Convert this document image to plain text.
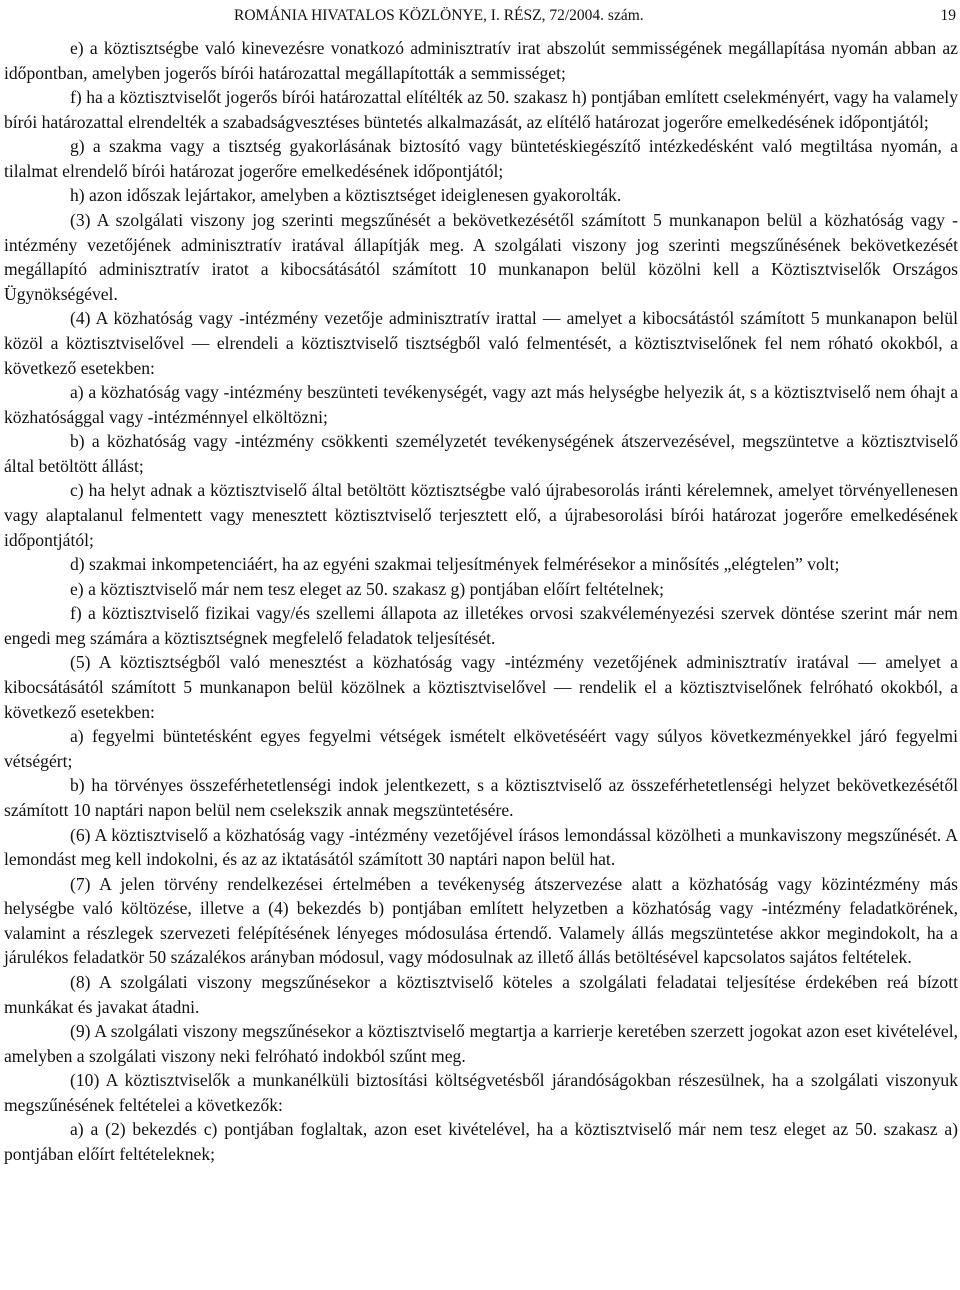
ROMÁNIA HIVATALOS KÖZLÖNYE, I. RÉSZ, 72/2004. szám.	19

e) a köztisztségbe való kinevezésre vonatkozó adminisztratív irat abszolút semmisségének megállapítása nyomán abban az időpontban, amelyben jogerős bírói határozattal megállapították a semmisséget;

f) ha a köztisztviselőt jogerős bírói határozattal elítélték az 50. szakasz h) pontjában említett cselekményért, vagy ha valamely bírói határozattal elrendelték a szabadságvesztéses büntetés alkalmazását, az elítélő határozat jogerőre emelkedésének időpontjától;

g) a szakma vagy a tisztség gyakorlásának biztosító vagy büntetéskiegészítő intézkedésként való megtiltása nyomán, a tilalmat elrendelő bírói határozat jogerőre emelkedésének időpontjától;

h) azon időszak lejártakor, amelyben a köztisztséget ideiglenesen gyakorolták.

(3) A szolgálati viszony jog szerinti megszűnését a bekövetkezésétől számított 5 munkanapon belül a közhatóság vagy -intézmény vezetőjének adminisztratív iratával állapítják meg. A szolgálati viszony jog szerinti megszűnésének bekövetkezését megállapító adminisztratív iratot a kibocsátásától számított 10 munkanapon belül közölni kell a Köztisztviselők Országos Ügynökségével.

(4) A közhatóság vagy -intézmény vezetője adminisztratív irattal — amelyet a kibocsátástól számított 5 munkanapon belül közöl a köztisztviselővel — elrendeli a köztisztviselő tisztségből való felmentését, a köztisztviselőnek fel nem róható okokból, a következő esetekben:

a) a közhatóság vagy -intézmény beszünteti tevékenységét, vagy azt más helységbe helyezik át, s a köztisztviselő nem óhajt a közhatósággal vagy -intézménnyel elköltözni;

b) a közhatóság vagy -intézmény csökkenti személyzetét tevékenységének átszervezésével, megszüntetve a köztisztviselő által betöltött állást;

c) ha helyt adnak a köztisztviselő által betöltött köztisztségbe való újrabesorolás iránti kérelemnek, amelyet törvényellenesen vagy alaptalanul felmentett vagy menesztett köztisztviselő terjesztett elő, a újrabesorolási bírói határozat jogerőre emelkedésének időpontjától;

d) szakmai inkompetenciáért, ha az egyéni szakmai teljesítmények felmérésekor a minősítés „elégtelen” volt;

e) a köztisztviselő már nem tesz eleget az 50. szakasz g) pontjában előírt feltételnek;

f) a köztisztviselő fizikai vagy/és szellemi állapota az illetékes orvosi szakvéleményezési szervek döntése szerint már nem engedi meg számára a köztisztségnek megfelelő feladatok teljesítését.

(5) A köztisztségből való menesztést a közhatóság vagy -intézmény vezetőjének adminisztratív iratával — amelyet a kibocsátásától számított 5 munkanapon belül közölnek a köztisztviselővel — rendelik el a köztisztviselőnek felróható okokból, a következő esetekben:

a) fegyelmi büntetésként egyes fegyelmi vétségek ismételt elkövetéséért vagy súlyos következményekkel járó fegyelmi vétségért;

b) ha törvényes összeférhetetlenségi indok jelentkezett, s a köztisztviselő az összeférhetetlenségi helyzet bekövetkezésétől számított 10 naptári napon belül nem cselekszik annak megszüntetésére.

(6) A köztisztviselő a közhatóság vagy -intézmény vezetőjével írásos lemondással közölheti a munkaviszony megszűnését. A lemondást meg kell indokolni, és az az iktatásától számított 30 naptári napon belül hat.

(7) A jelen törvény rendelkezései értelmében a tevékenység átszervezése alatt a közhatóság vagy közintézmény más helységbe való költözése, illetve a (4) bekezdés b) pontjában említett helyzetben a közhatóság vagy -intézmény feladatkörének, valamint a részlegek szervezeti felépítésének lényeges módosulása értendő. Valamely állás megszüntetése akkor megindokolt, ha a járulékos feladatkör 50 százalékos arányban módosul, vagy módosulnak az illető állás betöltésével kapcsolatos sajátos feltételek.

(8) A szolgálati viszony megszűnésekor a köztisztviselő köteles a szolgálati feladatai teljesítése érdekében reá bízott munkákat és javakat átadni.

(9) A szolgálati viszony megszűnésekor a köztisztviselő megtartja a karrierje keretében szerzett jogokat azon eset kivételével, amelyben a szolgálati viszony neki felróható indokból szűnt meg.

(10) A köztisztviselők a munkanélküli biztosítási költségvetésből járandóságokban részesülnek, ha a szolgálati viszonyuk megszűnésének feltételei a következők:

a) a (2) bekezdés c) pontjában foglaltak, azon eset kivételével, ha a köztisztviselő már nem tesz eleget az 50. szakasz a) pontjában előírt feltételeknek;
